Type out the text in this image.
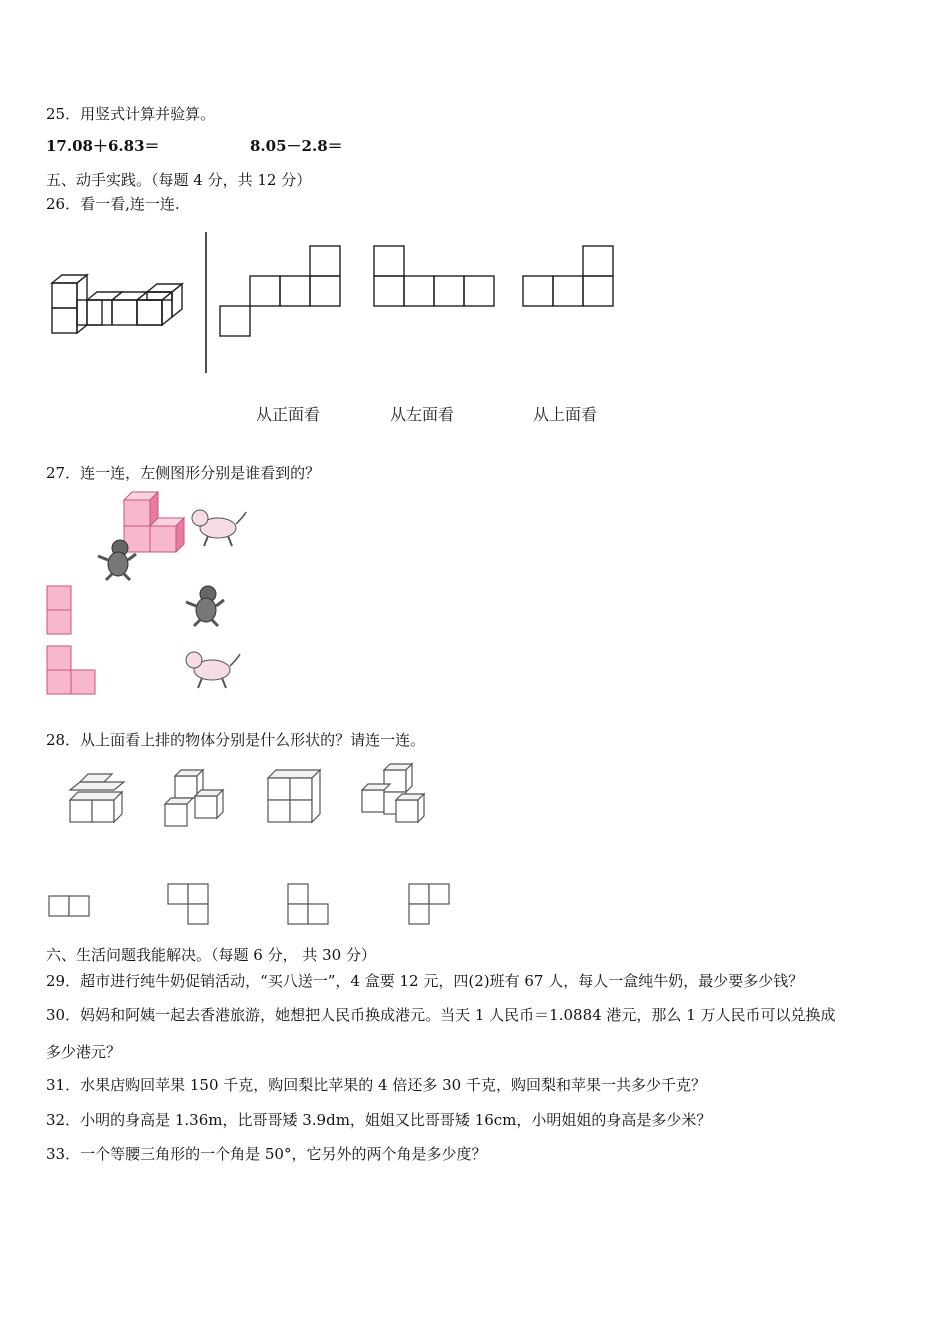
25．用竖式计算并验算。
17.08＋6.83＝	8.05－2.8＝
五、动手实践。（每题 4 分，共 12 分）
26．看一看,连一连.
从正面看	从左面看	从上面看
27．连一连，左侧图形分别是谁看到的？
28．从上面看上排的物体分别是什么形状的？请连一连。
六、生活问题我能解决。（每题 6 分， 共 30 分）
29．超市进行纯牛奶促销活动，“买八送一”，4 盒要 12 元，四(2)班有 67 人，每人一盒纯牛奶，最少要多少钱？
30．妈妈和阿姨一起去香港旅游，她想把人民币换成港元。当天 1 人民币＝1.0884 港元，那么 1 万人民币可以兑换成
多少港元？
31．水果店购回苹果 150 千克，购回梨比苹果的 4 倍还多 30 千克，购回梨和苹果一共多少千克？
32．小明的身高是 1.36m，比哥哥矮 3.9dm，姐姐又比哥哥矮 16cm，小明姐姐的身高是多少米？
33．一个等腰三角形的一个角是 50°，它另外的两个角是多少度？
